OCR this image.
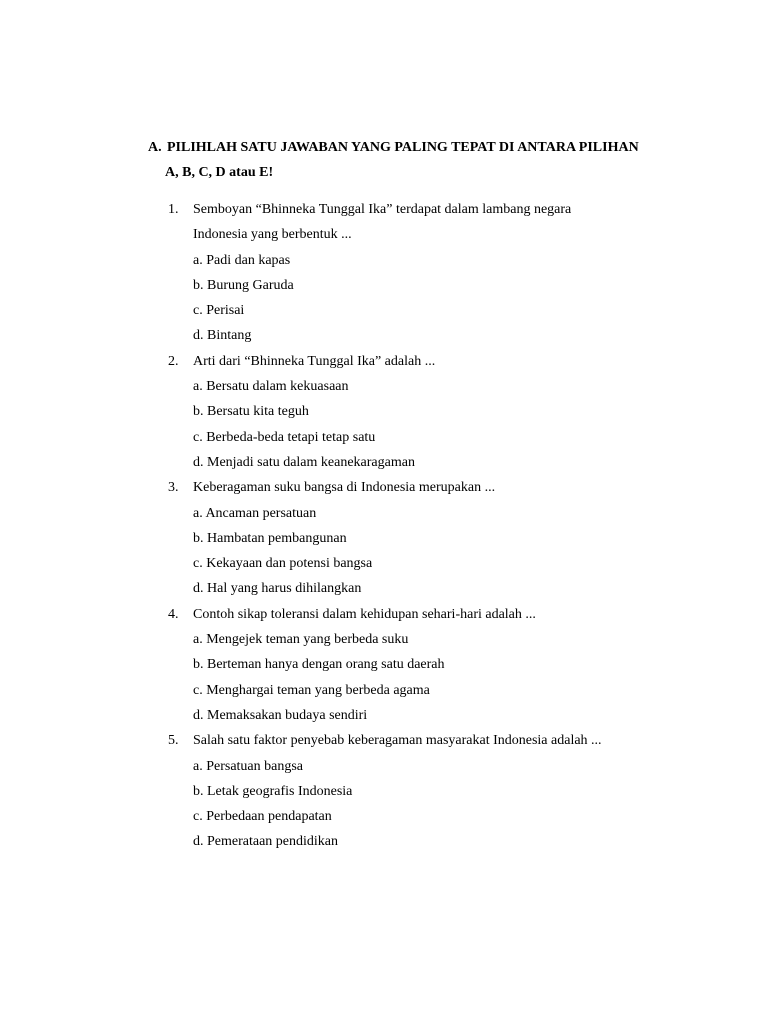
A. PILIHLAH SATU JAWABAN YANG PALING TEPAT DI ANTARA PILIHAN
A, B, C, D atau E!
1.	Semboyan “Bhinneka Tunggal Ika” terdapat dalam lambang negara
Indonesia yang berbentuk ...
a. Padi dan kapas
b. Burung Garuda
c. Perisai
d. Bintang
2.	Arti dari “Bhinneka Tunggal Ika” adalah ...
a. Bersatu dalam kekuasaan
b. Bersatu kita teguh
c. Berbeda-beda tetapi tetap satu
d. Menjadi satu dalam keanekaragaman
3.	Keberagaman suku bangsa di Indonesia merupakan ...
a. Ancaman persatuan
b. Hambatan pembangunan
c. Kekayaan dan potensi bangsa
d. Hal yang harus dihilangkan
4.	Contoh sikap toleransi dalam kehidupan sehari-hari adalah ...
a. Mengejek teman yang berbeda suku
b. Berteman hanya dengan orang satu daerah
c. Menghargai teman yang berbeda agama
d. Memaksakan budaya sendiri
5.	Salah satu faktor penyebab keberagaman masyarakat Indonesia adalah ...
a. Persatuan bangsa
b. Letak geografis Indonesia
c. Perbedaan pendapatan
d. Pemerataan pendidikan
